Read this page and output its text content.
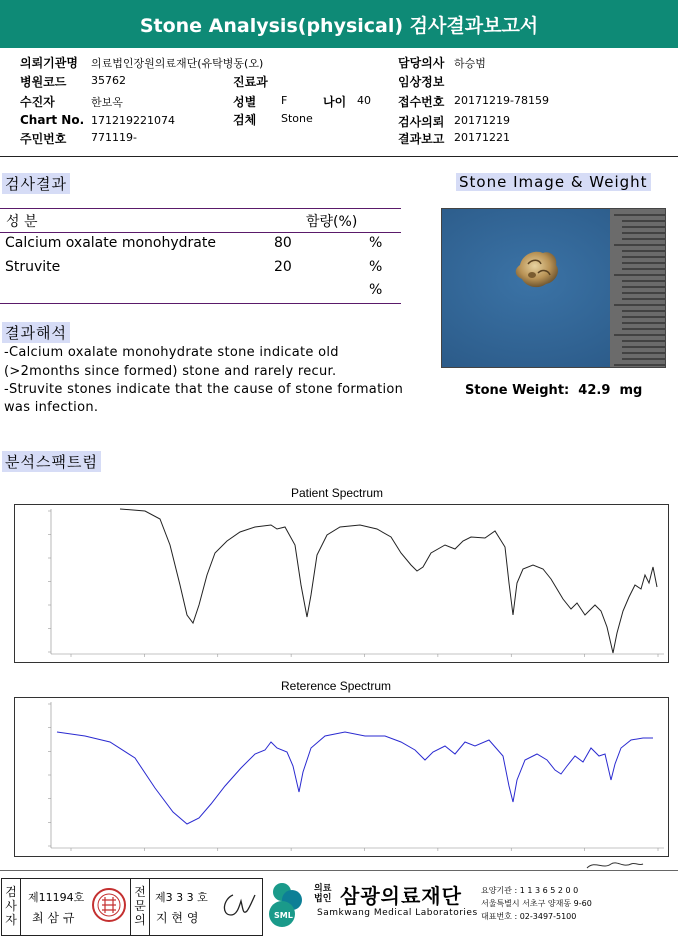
Stone Analysis(physical) 검사결과보고서
의뢰기관명 의료법인장원의료재단(유탁병동(오)
병원코드 35762
수진자	한보옥
Chart No. 171219221074
주민번호 771119-
진료과
성별 F	나이 40
검체 Stone
담당의사 하승범
임상정보
접수번호 20171219-78159
검사의뢰 20171219
결과보고 20171221
검사결과
성 분	함량(%)
Calcium oxalate monohydrate	80	%
Struvite	20	%
%
Stone Image & Weight
Stone Weight: 42.9 mg
결과해석
-Calcium oxalate monohydrate stone indicate old
(>2months since formed) stone and rarely recur.
-Struvite stones indicate that the cause of stone formation
was infection.
분석스팩트럼
Patient Spectrum
Reterence Spectrum
검
사
자
제11194호
최 삼 규
전
문
의
제3 3 3 호
지 현 영	SML
의료
법인 삼광의료재단
Samkwang Medical Laboratories
요양기관 : 1 1 3 6 5 2 0 0
서울특별시 서초구 양재동 9-60
대표번호 : 02-3497-5100
